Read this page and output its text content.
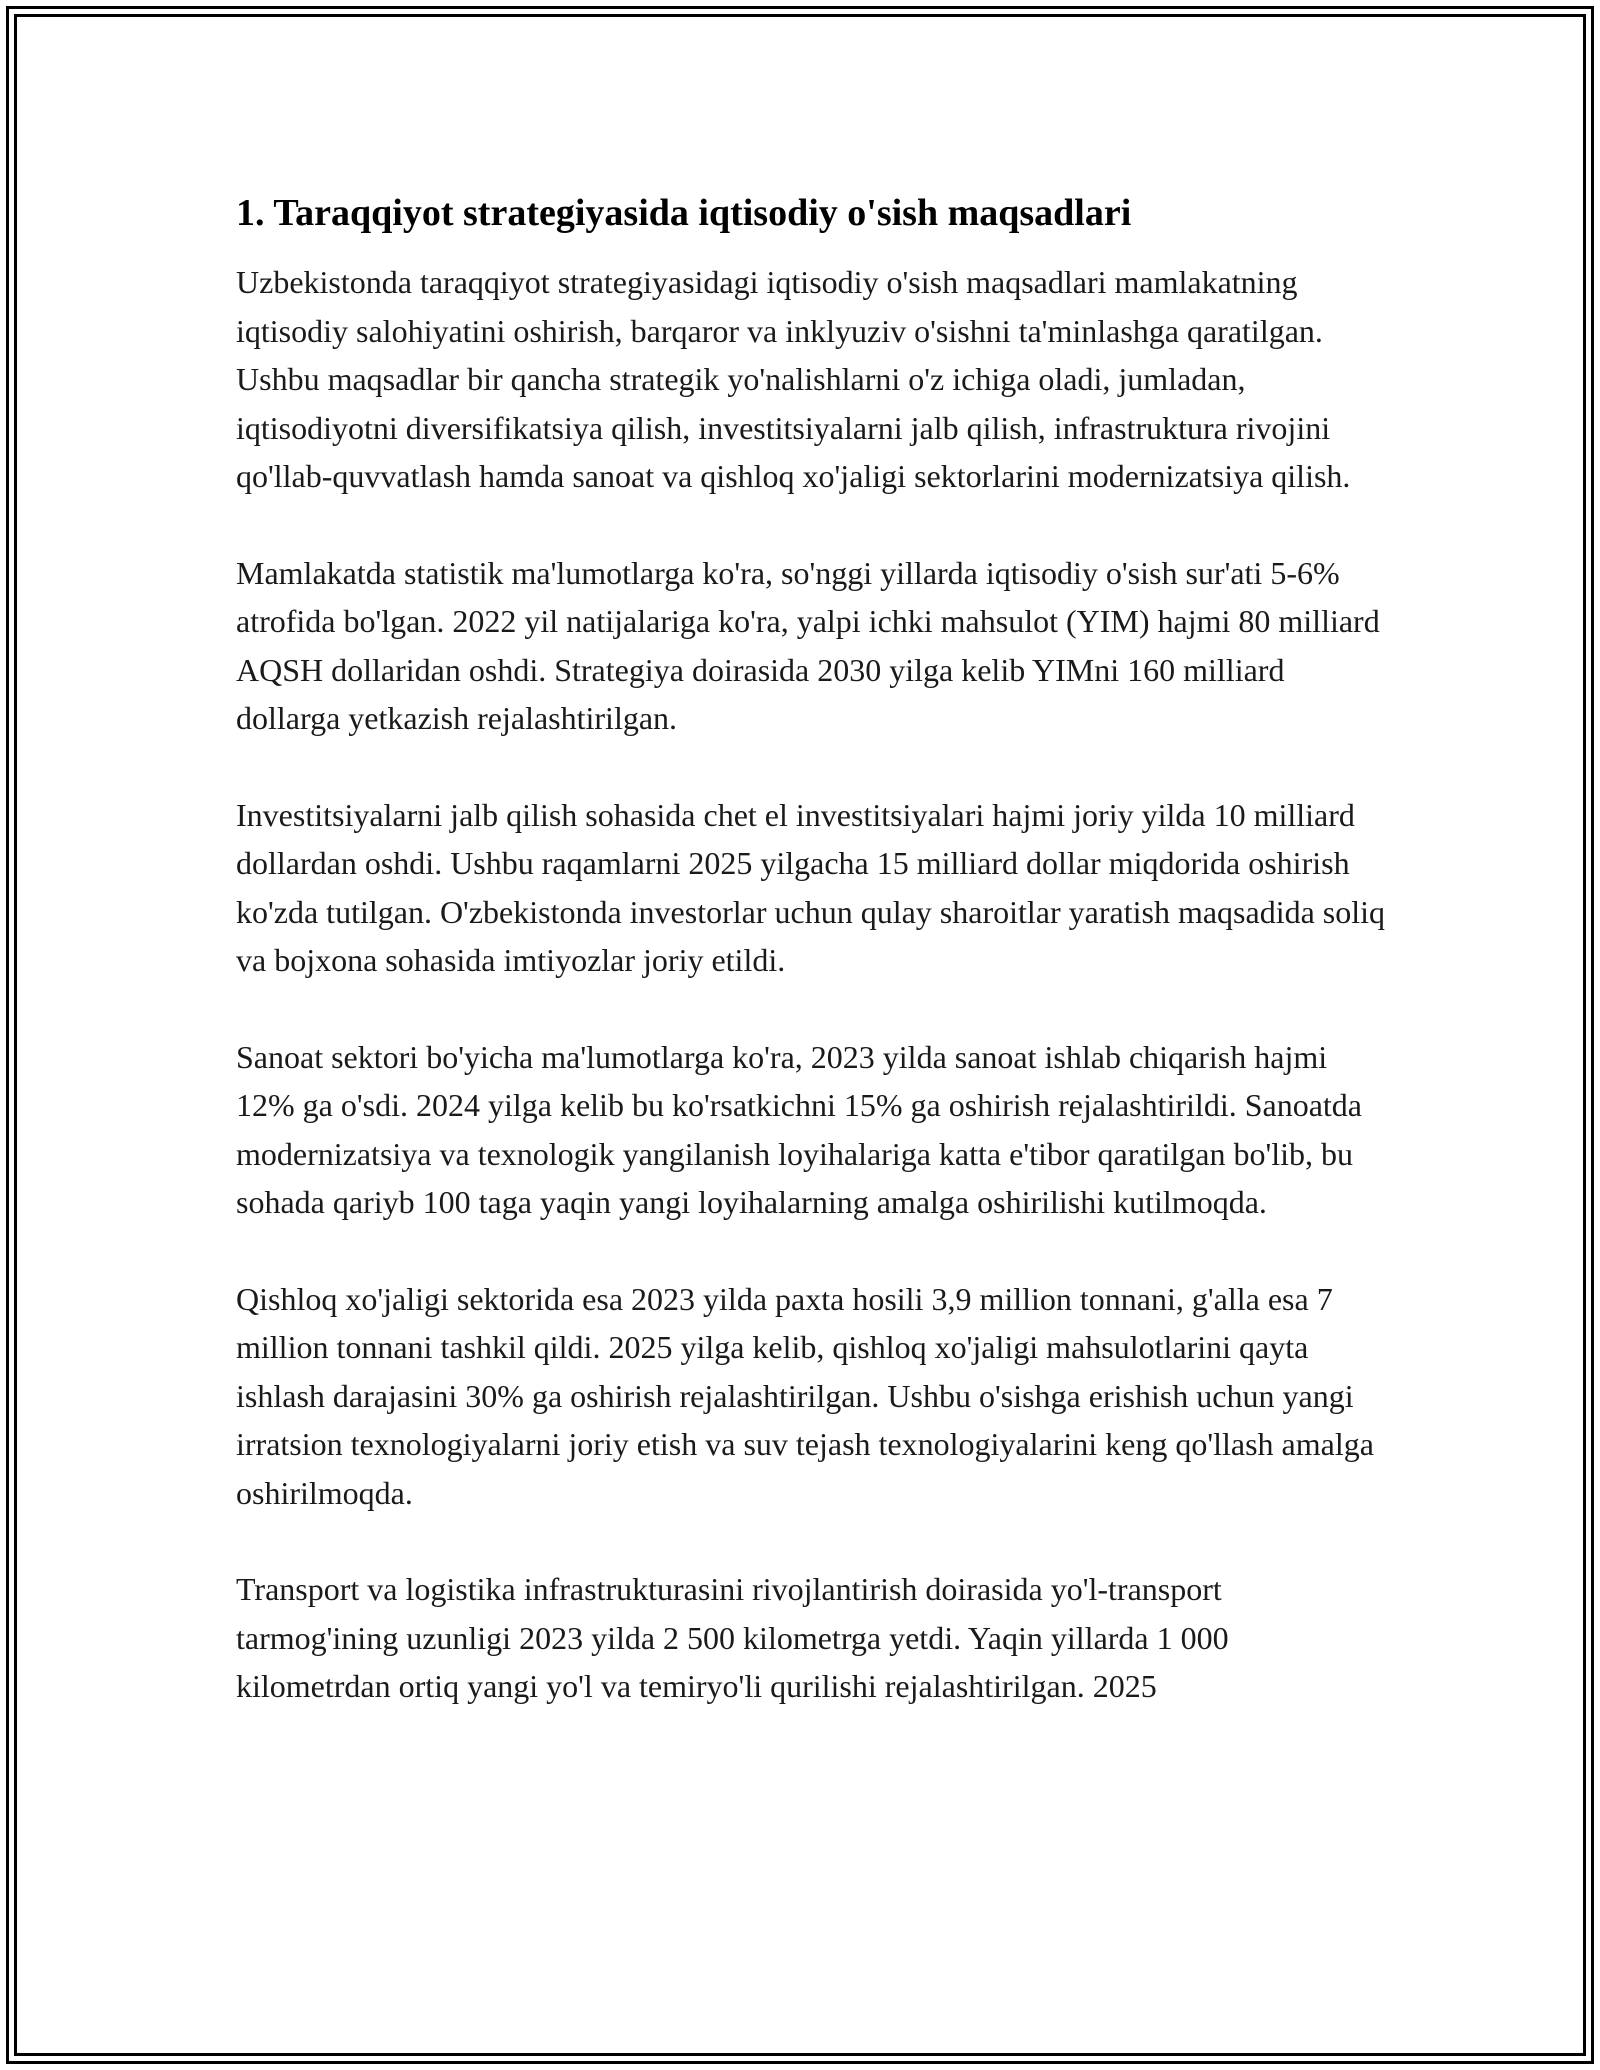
1. Taraqqiyot strategiyasida iqtisodiy o'sish maqsadlari

Uzbekistonda taraqqiyot strategiyasidagi iqtisodiy o'sish maqsadlari mamlakatning iqtisodiy salohiyatini oshirish, barqaror va inklyuziv o'sishni ta'minlashga qaratilgan. Ushbu maqsadlar bir qancha strategik yo'nalishlarni o'z ichiga oladi, jumladan, iqtisodiyotni diversifikatsiya qilish, investitsiyalarni jalb qilish, infrastruktura rivojini qo'llab-quvvatlash hamda sanoat va qishloq xo'jaligi sektorlarini modernizatsiya qilish.

Mamlakatda statistik ma'lumotlarga ko'ra, so'nggi yillarda iqtisodiy o'sish sur'ati 5-6% atrofida bo'lgan. 2022 yil natijalariga ko'ra, yalpi ichki mahsulot (YIM) hajmi 80 milliard AQSH dollaridan oshdi. Strategiya doirasida 2030 yilga kelib YIMni 160 milliard dollarga yetkazish rejalashtirilgan.

Investitsiyalarni jalb qilish sohasida chet el investitsiyalari hajmi joriy yilda 10 milliard dollardan oshdi. Ushbu raqamlarni 2025 yilgacha 15 milliard dollar miqdorida oshirish ko'zda tutilgan. O'zbekistonda investorlar uchun qulay sharoitlar yaratish maqsadida soliq va bojxona sohasida imtiyozlar joriy etildi.

Sanoat sektori bo'yicha ma'lumotlarga ko'ra, 2023 yilda sanoat ishlab chiqarish hajmi 12% ga o'sdi. 2024 yilga kelib bu ko'rsatkichni 15% ga oshirish rejalashtirildi. Sanoatda modernizatsiya va texnologik yangilanish loyihalariga katta e'tibor qaratilgan bo'lib, bu sohada qariyb 100 taga yaqin yangi loyihalarning amalga oshirilishi kutilmoqda.

Qishloq xo'jaligi sektorida esa 2023 yilda paxta hosili 3,9 million tonnani, g'alla esa 7 million tonnani tashkil qildi. 2025 yilga kelib, qishloq xo'jaligi mahsulotlarini qayta ishlash darajasini 30% ga oshirish rejalashtirilgan. Ushbu o'sishga erishish uchun yangi irratsion texnologiyalarni joriy etish va suv tejash texnologiyalarini keng qo'llash amalga oshirilmoqda.

Transport va logistika infrastrukturasini rivojlantirish doirasida yo'l-transport tarmog'ining uzunligi 2023 yilda 2 500 kilometrga yetdi. Yaqin yillarda 1 000 kilometrdan ortiq yangi yo'l va temiryo'li qurilishi rejalashtirilgan. 2025
